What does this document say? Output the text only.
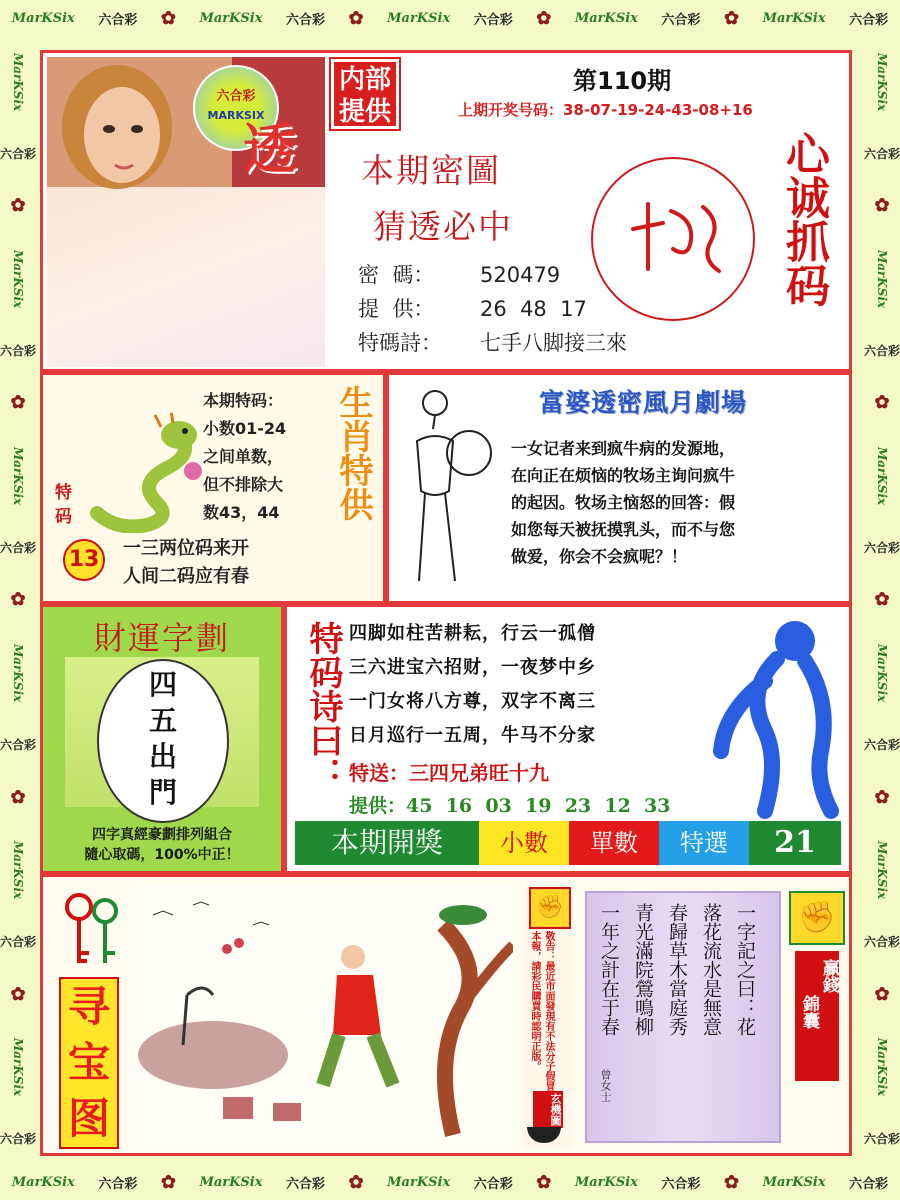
MarKSix 六合彩 ✿ MarKSix 六合彩 ✿ MarKSix 六合彩 ✿ MarKSix 六合彩 ✿ MarKSix 六合彩
MarKSix 六合彩 ✿ MarKSix 六合彩 ✿ MarKSix 六合彩 ✿ MarKSix 六合彩 ✿ MarKSix 六合彩
MarKSix
六合彩
✿
MarKSix
六合彩
✿
MarKSix
六合彩
✿
MarKSix
六合彩
✿
MarKSix
六合彩
✿
MarKSix
六合彩
MarKSix
六合彩
✿
MarKSix
六合彩
✿
MarKSix
六合彩
✿
MarKSix
六合彩
✿
MarKSix
六合彩
✿
MarKSix
六合彩
六合彩
MARKSIX
透
内部提供
第110期
上期开奖号码：38-07-19-24-43-08+16
本期密圖
猜透必中
密  碼： 520479
提  供： 26  48  17
特碼詩： 七手八脚接三來
心诚抓码
特码
13
本期特码：
小数01-24
之间单数，
但不排除大
数43，44
一三两位码来开
人间二码应有春
生肖特供	富婆透密風月劇場
一女记者来到疯牛病的发源地，
在向正在烦恼的牧场主询问疯牛
的起因。牧场主恼怒的回答：假
如您每天被抚摸乳头，而不与您
做爱，你会不会疯呢？！
財運字劃
四
五
出
門
四字真經豪劃排列組合
隨心取碼，100%中正！
特码诗曰： 四脚如柱苦耕耘，行云一孤僧
三六进宝六招财，一夜梦中乡
一门女将八方尊，双字不离三
日月巡行一五周，牛马不分家
特送：三四兄弟旺十九
提供：45  16  03  19  23  12  33
本期開獎	小數	單數	特選	21
寻宝图
✊
敬告：最近市面發現有不法分子假冒本報，請彩民購買時認明正版。
玄機圖
一字記之曰：花
落花流水是無意
春歸草木當庭秀
青光滿院鶯鳴柳
一年之計在于春
曾女士
✊
贏錢
錦囊
